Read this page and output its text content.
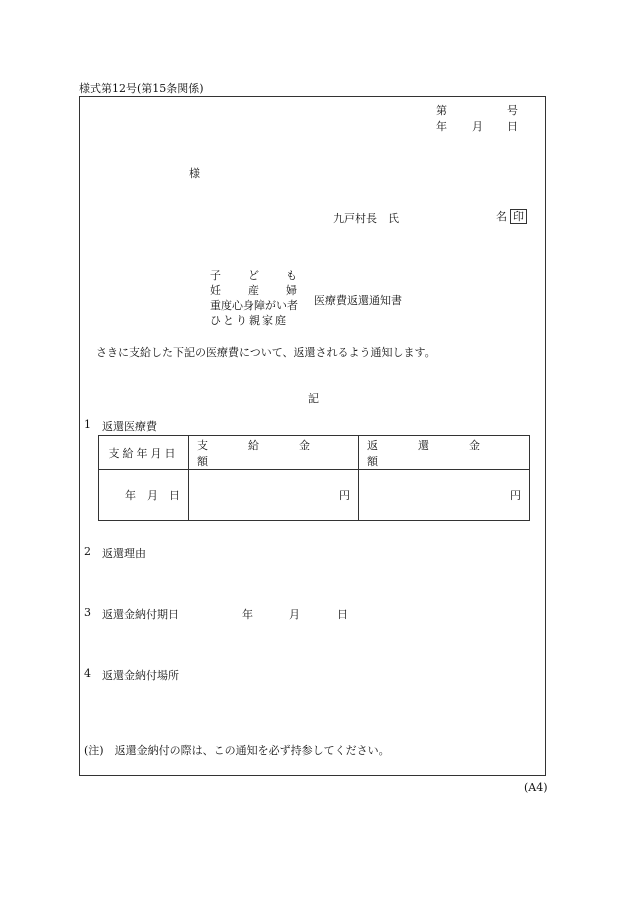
様式第12号(第15条関係)
第	号
年 月 日
様
九戸村長　氏	名 印
子ども
妊産婦
重度心身障がい者
ひとり親家庭
医療費返還通知書
さきに支給した下記の医療費について、返還されるよう通知します。
記
1 返還医療費
支給年月日	支給金額	返還金額

年 月 日	円	円
2 返還理由
3 返還金納付期日	年	月	日
4 返還金納付場所
(注)　返還金納付の際は、この通知を必ず持参してください。
(A4)
